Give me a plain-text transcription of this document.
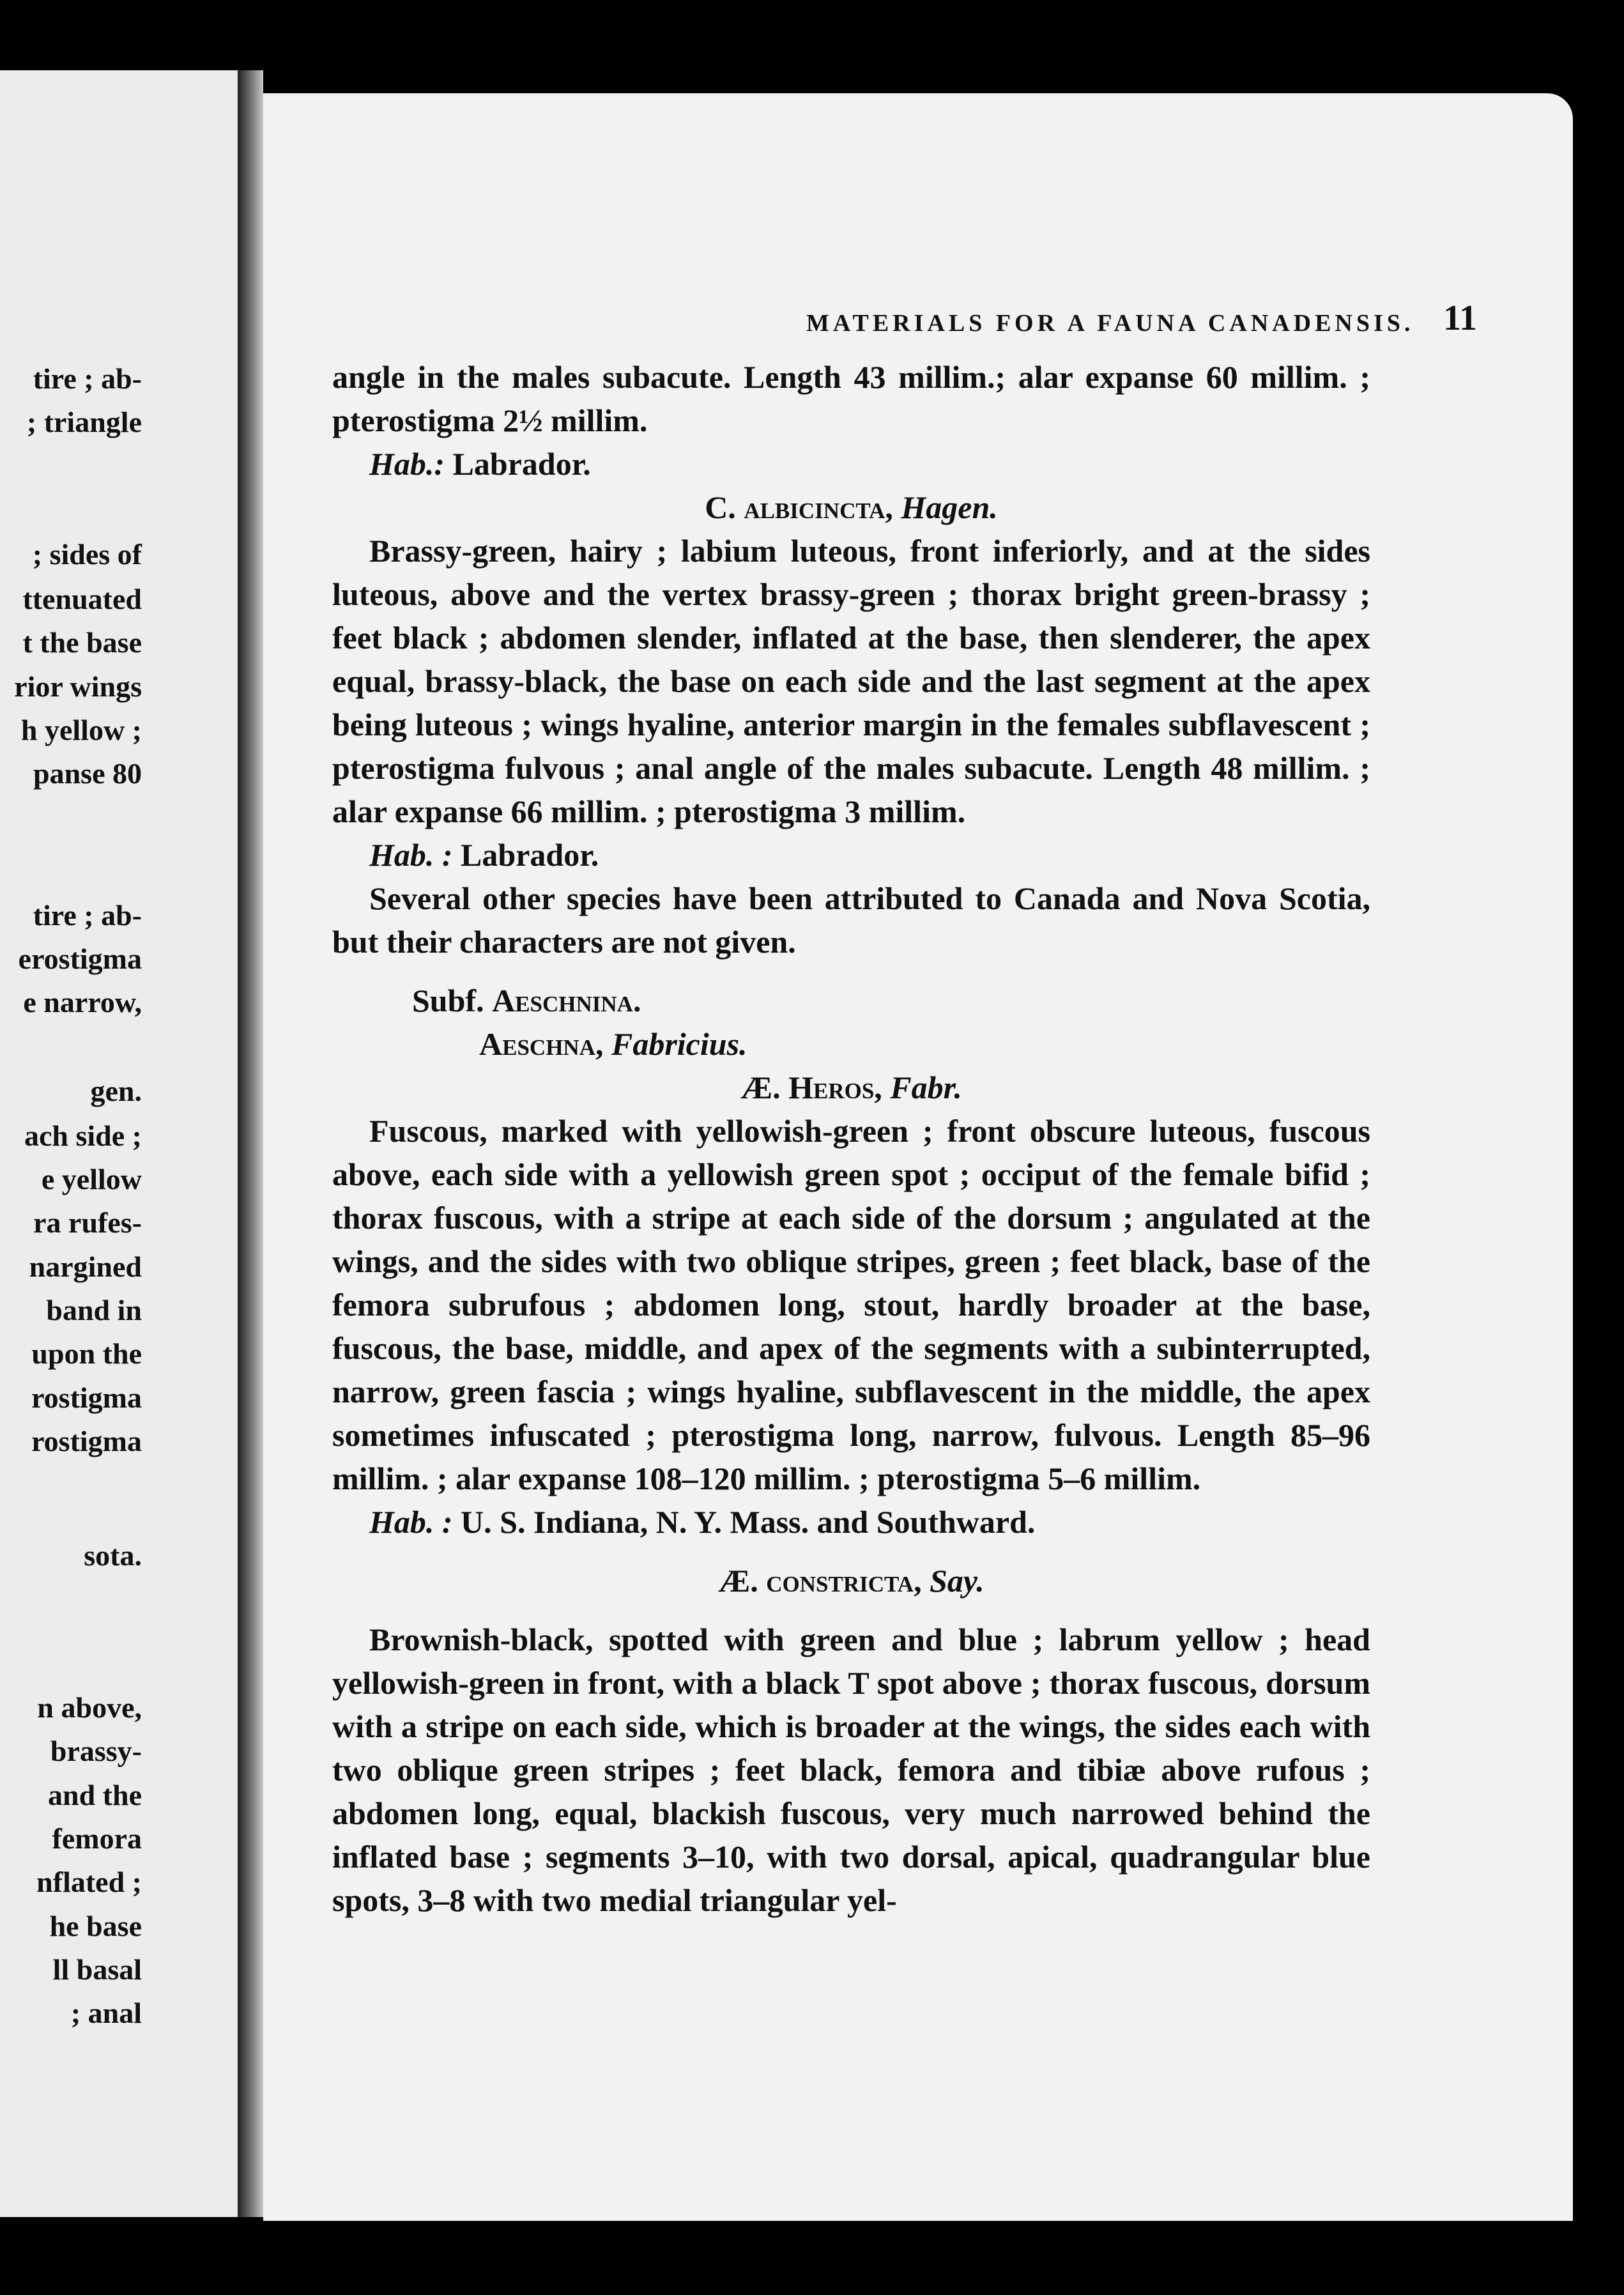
tire ; ab-
; triangle
; sides of
ttenuated
t the base
rior wings
h yellow ;
panse 80
tire ; ab-
erostigma
e narrow,
gen.
ach side ;
e yellow
ra rufes-
nargined
band in
upon the
rostigma
rostigma
sota.
n above,
brassy-
and the
femora
nflated ;
he base
ll basal
; anal
MATERIALS FOR A FAUNA CANADENSIS. 11

angle in the males subacute. Length 43 millim.; alar expanse 60 millim. ; pterostigma 2½ millim.

Hab.: Labrador.

C. albicincta, Hagen.

Brassy-green, hairy ; labium luteous, front inferiorly, and at the sides luteous, above and the vertex brassy-green ; thorax bright green-brassy ; feet black ; abdomen slender, inflated at the base, then slenderer, the apex equal, brassy-black, the base on each side and the last segment at the apex being luteous ; wings hyaline, anterior margin in the females subflavescent ; pterostigma fulvous ; anal angle of the males subacute. Length 48 millim. ; alar expanse 66 millim. ; pterostigma 3 millim.

Hab. : Labrador.

Several other species have been attributed to Canada and Nova Scotia, but their characters are not given.

Subf. Aeschnina.

Aeschna, Fabricius.

Æ. Heros, Fabr.

Fuscous, marked with yellowish-green ; front obscure luteous, fuscous above, each side with a yellowish green spot ; occiput of the female bifid ; thorax fuscous, with a stripe at each side of the dorsum ; angulated at the wings, and the sides with two oblique stripes, green ; feet black, base of the femora subrufous ; abdomen long, stout, hardly broader at the base, fuscous, the base, middle, and apex of the segments with a subinterrupted, narrow, green fascia ; wings hyaline, subflavescent in the middle, the apex sometimes infuscated ; pterostigma long, narrow, fulvous. Length 85–96 millim. ; alar expanse 108–120 millim. ; pterostigma 5–6 millim.

Hab. : U. S. Indiana, N. Y. Mass. and Southward.

Æ. constricta, Say.

Brownish-black, spotted with green and blue ; labrum yellow ; head yellowish-green in front, with a black T spot above ; thorax fuscous, dorsum with a stripe on each side, which is broader at the wings, the sides each with two oblique green stripes ; feet black, femora and tibiæ above rufous ; abdomen long, equal, blackish fuscous, very much narrowed behind the inflated base ; segments 3–10, with two dorsal, apical, quadrangular blue spots, 3–8 with two medial triangular yel-
